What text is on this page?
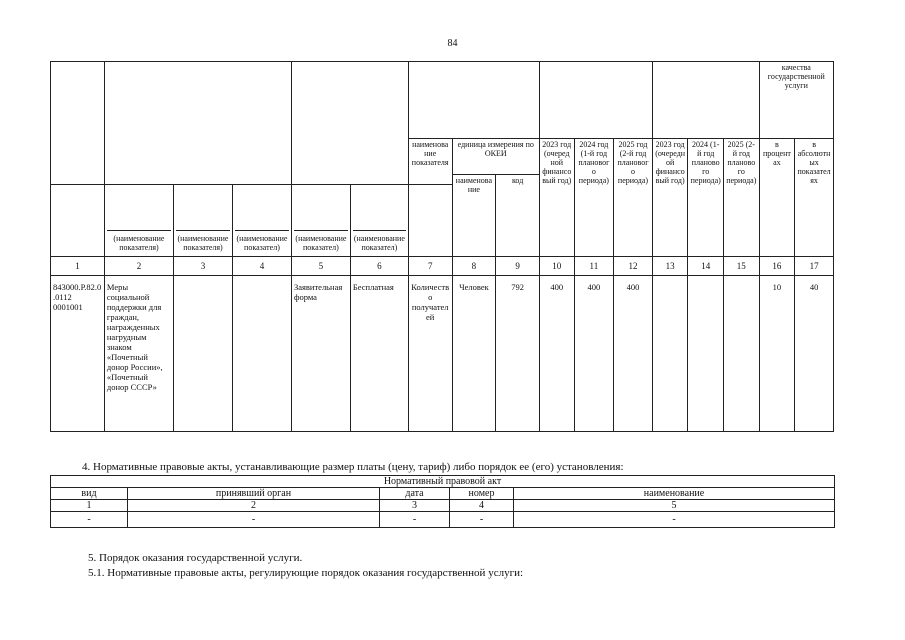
84
															качества государственной услуги	
						наименование показателя	единица измерения по ОКЕИ		2023 год (очередной финансовый год)	2024 год (1-й год планового периода)	2025 год (2-й год планового периода)	2023 год (очередной финансовый год)	2024 (1-й год планового периода)	2025 (2-й год планового периода)	в процентах	в абсолютных показателях
							наименование	код								

	(наименование показателя)	(наименование показателя)	(наименование показател)	(наименование показател)	(наименование показател)											

1	2	3	4	5	6	7	8	9	10	11	12	13	14	15	16	17
843000.Р.82.0.0112 0001001	Меры социальной поддержки для граждан, награжденных нагрудным знаком «Почетный донор России», «Почетный донор СССР»			Заявительная форма	Бесплатная	Количество получателей	Человек	792	400	400	400				10	40
4. Нормативные правовые акты, устанавливающие размер платы (цену, тариф) либо порядок ее (его) установления:
Нормативный правовой акт				
вид	принявший орган	дата	номер	наименование
1	2	3	4	5
-	-	-	-	-
5. Порядок оказания государственной услуги.
5.1. Нормативные правовые акты, регулирующие порядок оказания государственной услуги:
